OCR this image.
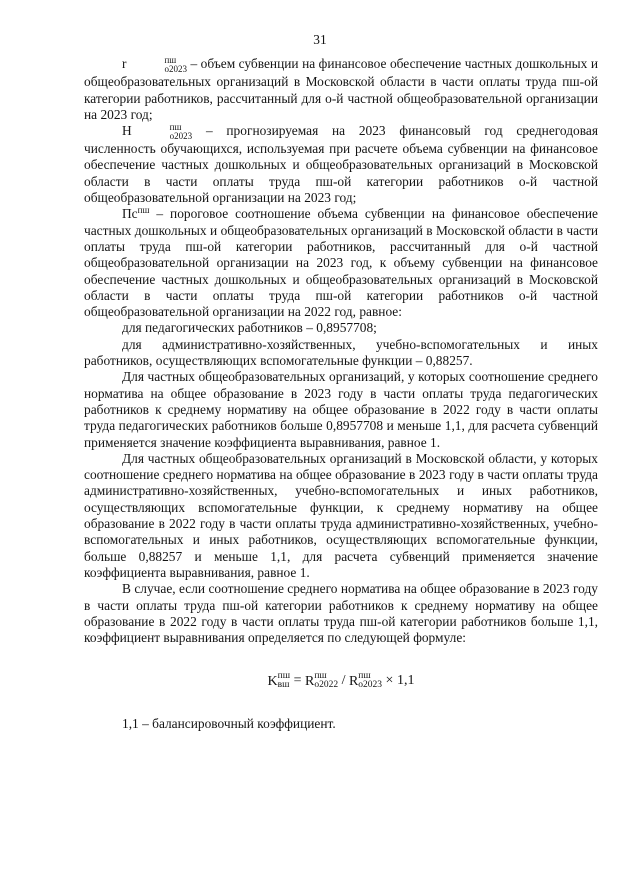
31

r	пш
o2023 – объем субвенции на финансовое обеспечение частных дошкольных и общеобразовательных организаций в Московской области в части оплаты труда пш-ой категории работников, рассчитанный для о-й частной общеобразовательной организации на 2023 год;

H	пш
o2023 – прогнозируемая на 2023 финансовый год среднегодовая численность обучающихся, используемая при расчете объема субвенции на финансовое обеспечение частных дошкольных и общеобразовательных организаций в Московской области в части оплаты труда пш-ой категории работников о-й частной общеобразовательной организации на 2023 год;

$Пс^{пш}$ – пороговое соотношение объема субвенции на финансовое обеспечение частных дошкольных и общеобразовательных организаций в Московской области в части оплаты труда пш-ой категории работников, рассчитанный для о-й частной общеобразовательной организации на 2023 год, к объему субвенции на финансовое обеспечение частных дошкольных и общеобразовательных организаций в Московской области в части оплаты труда пш-ой категории работников о-й частной общеобразовательной организации на 2022 год, равное:

для педагогических работников – 0,8957708;

для административно-хозяйственных, учебно-вспомогательных и иных работников, осуществляющих вспомогательные функции – 0,88257.

Для частных общеобразовательных организаций, у которых соотношение среднего норматива на общее образование в 2023 году в части оплаты труда педагогических работников к среднему нормативу на общее образование в 2022 году в части оплаты труда педагогических работников больше 0,8957708 и меньше 1,1, для расчета субвенций применяется значение коэффициента выравнивания, равное 1.

Для частных общеобразовательных организаций в Московской области, у которых соотношение среднего норматива на общее образование в 2023 году в части оплаты труда административно-хозяйственных, учебно-вспомогательных и иных работников, осуществляющих вспомогательные функции, к среднему нормативу на общее образование в 2022 году в части оплаты труда административно-хозяйственных, учебно-вспомогательных и иных работников, осуществляющих вспомогательные функции, больше 0,88257 и меньше 1,1, для расчета субвенций применяется значение коэффициента выравнивания, равное 1.

В случае, если соотношение среднего норматива на общее образование в 2023 году в части оплаты труда пш-ой категории работников к среднему нормативу на общее образование в 2022 году в части оплаты труда пш-ой категории работников больше 1,1, коэффициент выравнивания определяется по следующей формуле:

K пш
вш = R пш
o2022 / R пш
o2023 × 1,1

1,1 – балансировочный коэффициент.
